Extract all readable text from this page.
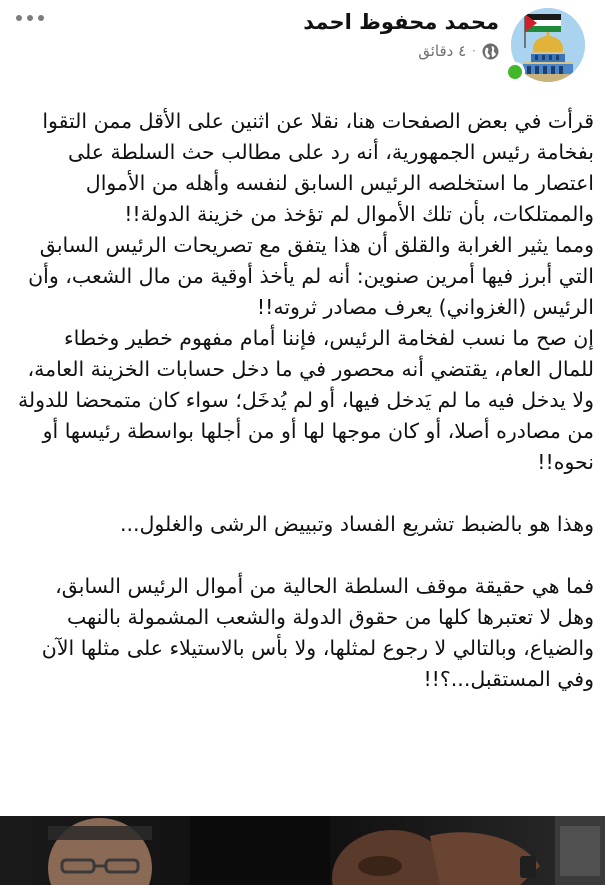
محمد محفوظ احمد
٤ دقائق ·

قرأت في بعض الصفحات هنا، نقلا عن اثنين على الأقل ممن التقوا بفخامة رئيس الجمهورية، أنه رد على مطالب حث السلطة على اعتصار ما استخلصه الرئيس السابق لنفسه وأهله من الأموال والممتلكات، بأن تلك الأموال لم تؤخذ من خزينة الدولة!!

ومما يثير الغرابة والقلق أن هذا يتفق مع تصريحات الرئيس السابق التي أبرز فيها أمرين صنوين: أنه لم يأخذ أوقية من مال الشعب، وأن الرئيس (الغزواني) يعرف مصادر ثروته!!

إن صح ما نسب لفخامة الرئيس، فإننا أمام مفهوم خطير وخطاء للمال العام، يقتضي أنه محصور في ما دخل حسابات الخزينة العامة، ولا يدخل فيه ما لم يَدخل فيها، أو لم يُدخَل؛ سواء كان متمحضا للدولة من مصادره أصلا، أو كان موجها لها أو من أجلها بواسطة رئيسها أو نحوه!!

وهذا هو بالضبط تشريع الفساد وتبييض الرشى والغلول...

فما هي حقيقة موقف السلطة الحالية من أموال الرئيس السابق، وهل لا تعتبرها كلها من حقوق الدولة والشعب المشمولة بالنهب والضياع، وبالتالي لا رجوع لمثلها، ولا بأس بالاستيلاء على مثلها الآن وفي المستقبل...؟!!
